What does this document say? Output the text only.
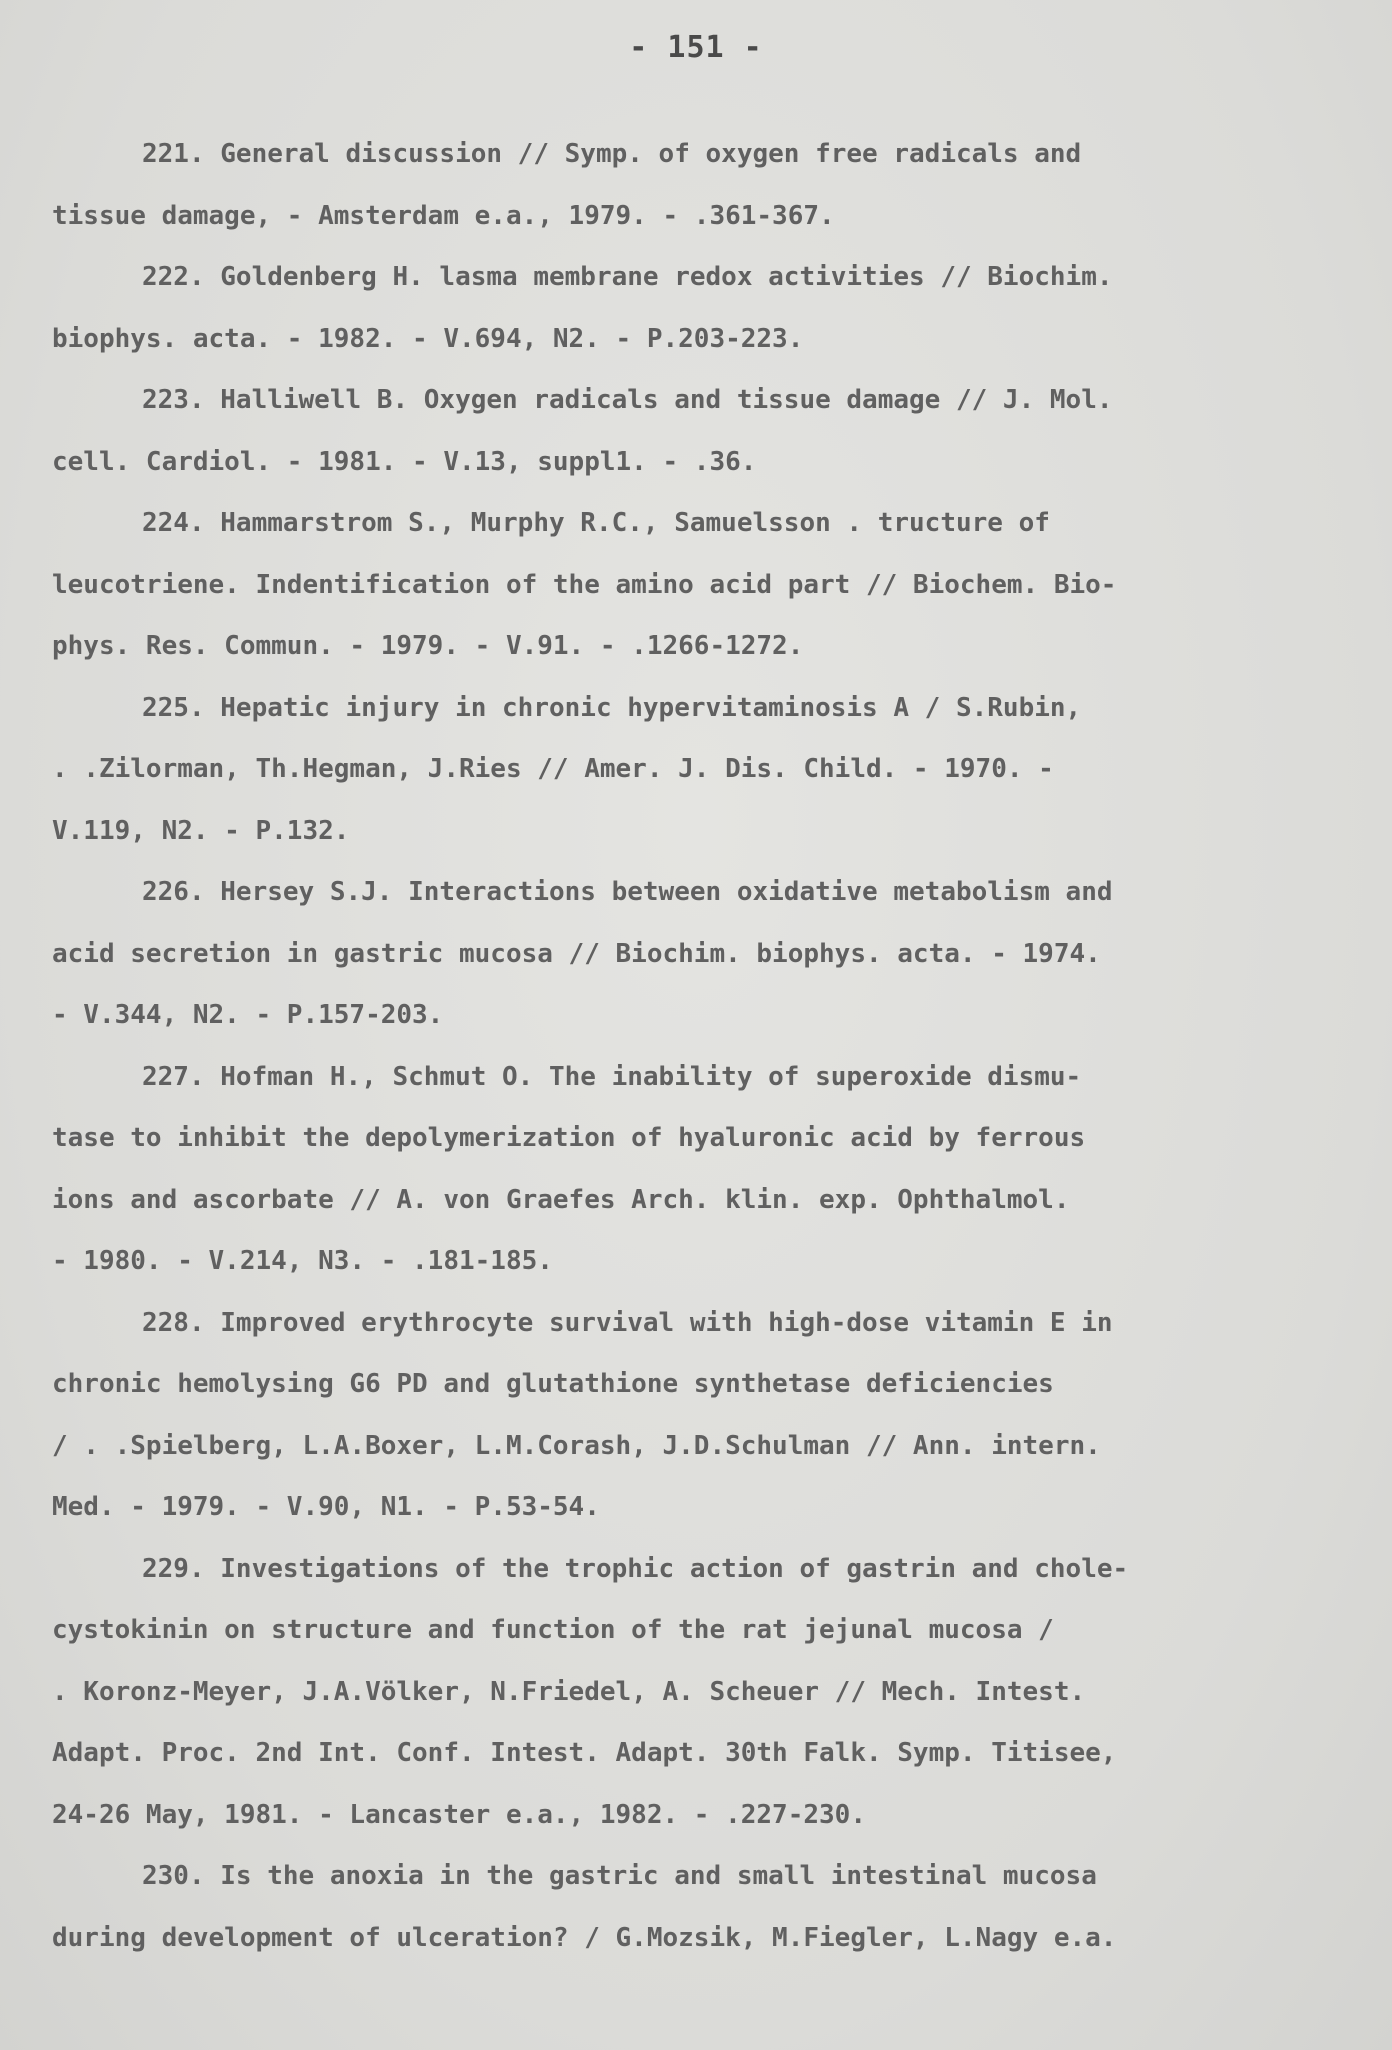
- 151 -
221. General discussion // Symp. of oxygen free radicals and
tissue damage, - Amsterdam e.a., 1979. - .361-367.
222. Goldenberg H. lasma membrane redox activities // Biochim.
biophys. acta. - 1982. - V.694, N2. - P.203-223.
223. Halliwell B. Oxygen radicals and tissue damage // J. Mol.
cell. Cardiol. - 1981. - V.13, suppl1. - .36.
224. Hammarstrom S., Murphy R.C., Samuelsson . tructure of
leucotriene. Indentification of the amino acid part // Biochem. Bio-
phys. Res. Commun. - 1979. - V.91. - .1266-1272.
225. Hepatic injury in chronic hypervitaminosis A / S.Rubin,
. .Zilorman, Th.Hegman, J.Ries // Amer. J. Dis. Child. - 1970. -
V.119, N2. - P.132.
226. Hersey S.J. Interactions between oxidative metabolism and
acid secretion in gastric mucosa // Biochim. biophys. acta. - 1974.
- V.344, N2. - P.157-203.
227. Hofman H., Schmut O. The inability of superoxide dismu-
tase to inhibit the depolymerization of hyaluronic acid by ferrous
ions and ascorbate // A. von Graefes Arch. klin. exp. Ophthalmol.
- 1980. - V.214, N3. - .181-185.
228. Improved erythrocyte survival with high-dose vitamin E in
chronic hemolysing G6 PD and glutathione synthetase deficiencies
/ . .Spielberg, L.A.Boxer, L.M.Corash, J.D.Schulman // Ann. intern.
Med. - 1979. - V.90, N1. - P.53-54.
229. Investigations of the trophic action of gastrin and chole-
cystokinin on structure and function of the rat jejunal mucosa /
. Koronz-Meyer, J.A.Völker, N.Friedel, A. Scheuer // Mech. Intest.
Adapt. Proc. 2nd Int. Conf. Intest. Adapt. 30th Falk. Symp. Titisee,
24-26 May, 1981. - Lancaster e.a., 1982. - .227-230.
230. Is the anoxia in the gastric and small intestinal mucosa
during development of ulceration? / G.Mozsik, M.Fiegler, L.Nagy e.a.
